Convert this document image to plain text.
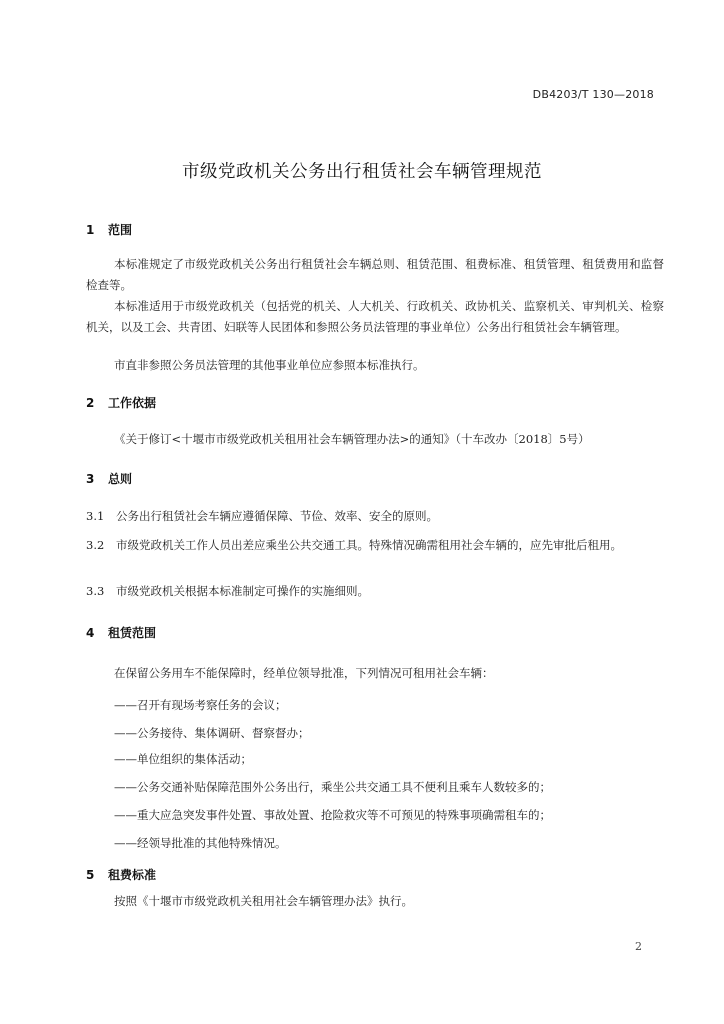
DB4203/T 130—2018
市级党政机关公务出行租赁社会车辆管理规范
1 范围
本标准规定了市级党政机关公务出行租赁社会车辆总则、租赁范围、租费标准、租赁管理、租赁费用和监督检查等。
本标准适用于市级党政机关（包括党的机关、人大机关、行政机关、政协机关、监察机关、审判机关、检察机关，以及工会、共青团、妇联等人民团体和参照公务员法管理的事业单位）公务出行租赁社会车辆管理。
市直非参照公务员法管理的其他事业单位应参照本标准执行。
2 工作依据
《关于修订<十堰市市级党政机关租用社会车辆管理办法>的通知》（十车改办〔2018〕5号）
3 总则
3.1 公务出行租赁社会车辆应遵循保障、节俭、效率、安全的原则。
3.2 市级党政机关工作人员出差应乘坐公共交通工具。特殊情况确需租用社会车辆的，应先审批后租用。
3.3 市级党政机关根据本标准制定可操作的实施细则。
4 租赁范围
在保留公务用车不能保障时，经单位领导批准，下列情况可租用社会车辆：
——召开有现场考察任务的会议；
——公务接待、集体调研、督察督办；
——单位组织的集体活动；
——公务交通补贴保障范围外公务出行，乘坐公共交通工具不便利且乘车人数较多的；
——重大应急突发事件处置、事故处置、抢险救灾等不可预见的特殊事项确需租车的；
——经领导批准的其他特殊情况。
5 租费标准
按照《十堰市市级党政机关租用社会车辆管理办法》执行。
2
